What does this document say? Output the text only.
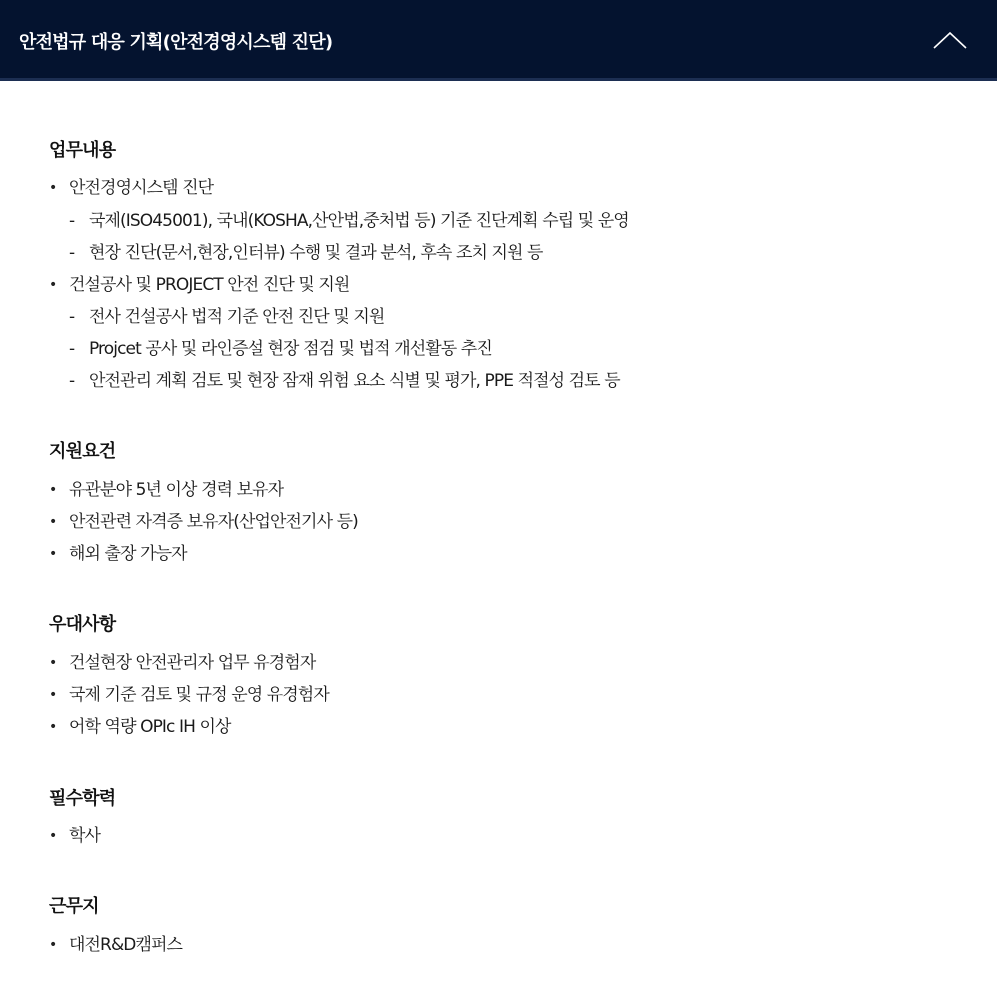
안전법규 대응 기획(안전경영시스템 진단)
업무내용
• 안전경영시스템 진단
- 국제(ISO45001), 국내(KOSHA,산안법,중처법 등) 기준 진단계획 수립 및 운영
- 현장 진단(문서,현장,인터뷰) 수행 및 결과 분석, 후속 조치 지원 등
• 건설공사 및 PROJECT 안전 진단 및 지원
- 전사 건설공사 법적 기준 안전 진단 및 지원
- Projcet 공사 및 라인증설 현장 점검 및 법적 개선활동 추진
- 안전관리 계획 검토 및 현장 잠재 위험 요소 식별 및 평가, PPE 적절성 검토 등
지원요건
• 유관분야 5년 이상 경력 보유자
• 안전관련 자격증 보유자(산업안전기사 등)
• 해외 출장 가능자
우대사항
• 건설현장 안전관리자 업무 유경험자
• 국제 기준 검토 및 규정 운영 유경험자
• 어학 역량 OPIc IH 이상
필수학력
• 학사
근무지
• 대전R&D캠퍼스
